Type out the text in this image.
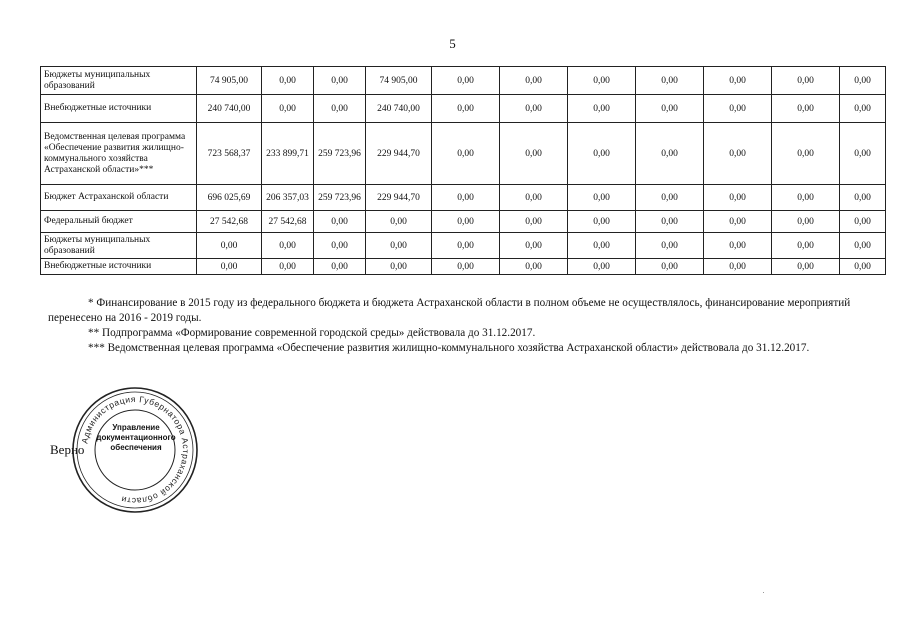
5
Бюджеты муниципальных образований	74 905,00	0,00	0,00	74 905,00	0,00	0,00	0,00	0,00	0,00	0,00	0,00
Внебюджетные источники	240 740,00	0,00	0,00	240 740,00	0,00	0,00	0,00	0,00	0,00	0,00	0,00
Ведомственная целевая программа «Обеспечение развития жилищно-коммунального хозяйства Астраханской области»***	723 568,37	233 899,71	259 723,96	229 944,70	0,00	0,00	0,00	0,00	0,00	0,00	0,00
Бюджет Астраханской области	696 025,69	206 357,03	259 723,96	229 944,70	0,00	0,00	0,00	0,00	0,00	0,00	0,00
Федеральный бюджет	27 542,68	27 542,68	0,00	0,00	0,00	0,00	0,00	0,00	0,00	0,00	0,00
Бюджеты муниципальных образований	0,00	0,00	0,00	0,00	0,00	0,00	0,00	0,00	0,00	0,00	0,00
Внебюджетные источники	0,00	0,00	0,00	0,00	0,00	0,00	0,00	0,00	0,00	0,00	0,00

* Финансирование в 2015 году из федерального бюджета и бюджета Астраханской области в полном объеме не осуществлялось, финансирование мероприятий перенесено на 2016 - 2019 годы.

** Подпрограмма «Формирование современной городской среды» действовала до 31.12.2017.

*** Ведомственная целевая программа «Обеспечение развития жилищно-коммунального хозяйства Астраханской области» действовала до 31.12.2017.

Верно
Администрация Губернатора Астраханской области
Управление
документационного
обеспечения
